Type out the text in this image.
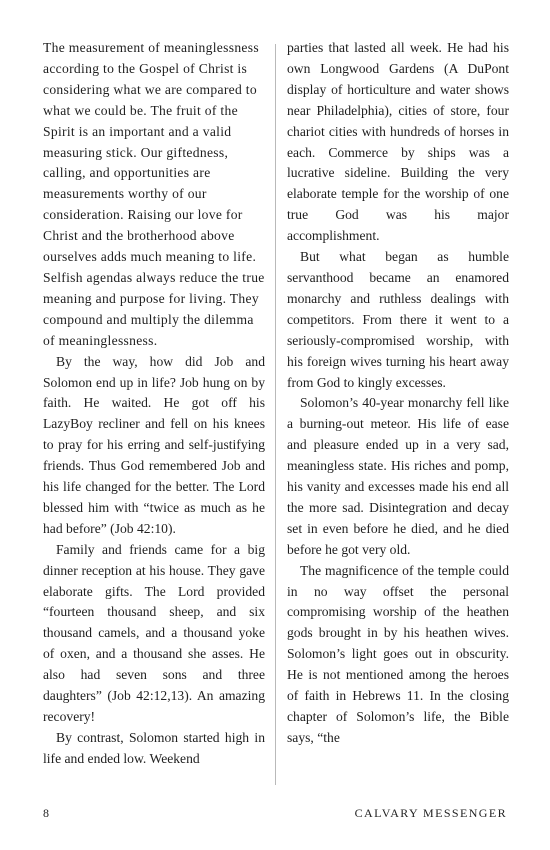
The measurement of meaninglessness according to the Gospel of Christ is considering what we are compared to what we could be. The fruit of the Spirit is an important and a valid measuring stick. Our giftedness, calling, and opportunities are measurements worthy of our consideration. Raising our love for Christ and the brotherhood above ourselves adds much meaning to life. Selfish agendas always reduce the true meaning and purpose for living. They compound and multiply the dilemma of meaninglessness.

By the way, how did Job and Solomon end up in life? Job hung on by faith. He waited. He got off his LazyBoy recliner and fell on his knees to pray for his erring and self-justifying friends. Thus God remembered Job and his life changed for the better. The Lord blessed him with “twice as much as he had before” (Job 42:10).

Family and friends came for a big dinner reception at his house. They gave elaborate gifts. The Lord provided “fourteen thousand sheep, and six thousand camels, and a thousand yoke of oxen, and a thousand she asses. He also had seven sons and three daughters” (Job 42:12,13). An amazing recovery!

By contrast, Solomon started high in life and ended low. Weekend

parties that lasted all week. He had his own Longwood Gardens (A DuPont display of horticulture and water shows near Philadelphia), cities of store, four chariot cities with hundreds of horses in each. Commerce by ships was a lucrative sideline. Building the very elaborate temple for the worship of one true God was his major accomplishment.

But what began as humble servanthood became an enamored monarchy and ruthless dealings with competitors. From there it went to a seriously-compromised worship, with his foreign wives turning his heart away from God to kingly excesses.

Solomon’s 40-year monarchy fell like a burning-out meteor. His life of ease and pleasure ended up in a very sad, meaningless state. His riches and pomp, his vanity and excesses made his end all the more sad. Disintegration and decay set in even before he died, and he died before he got very old.

The magnificence of the temple could in no way offset the personal compromising worship of the heathen gods brought in by his heathen wives. Solomon’s light goes out in obscurity. He is not mentioned among the heroes of faith in Hebrews 11. In the closing chapter of Solomon’s life, the Bible says, “the

8	CALVARY MESSENGER
